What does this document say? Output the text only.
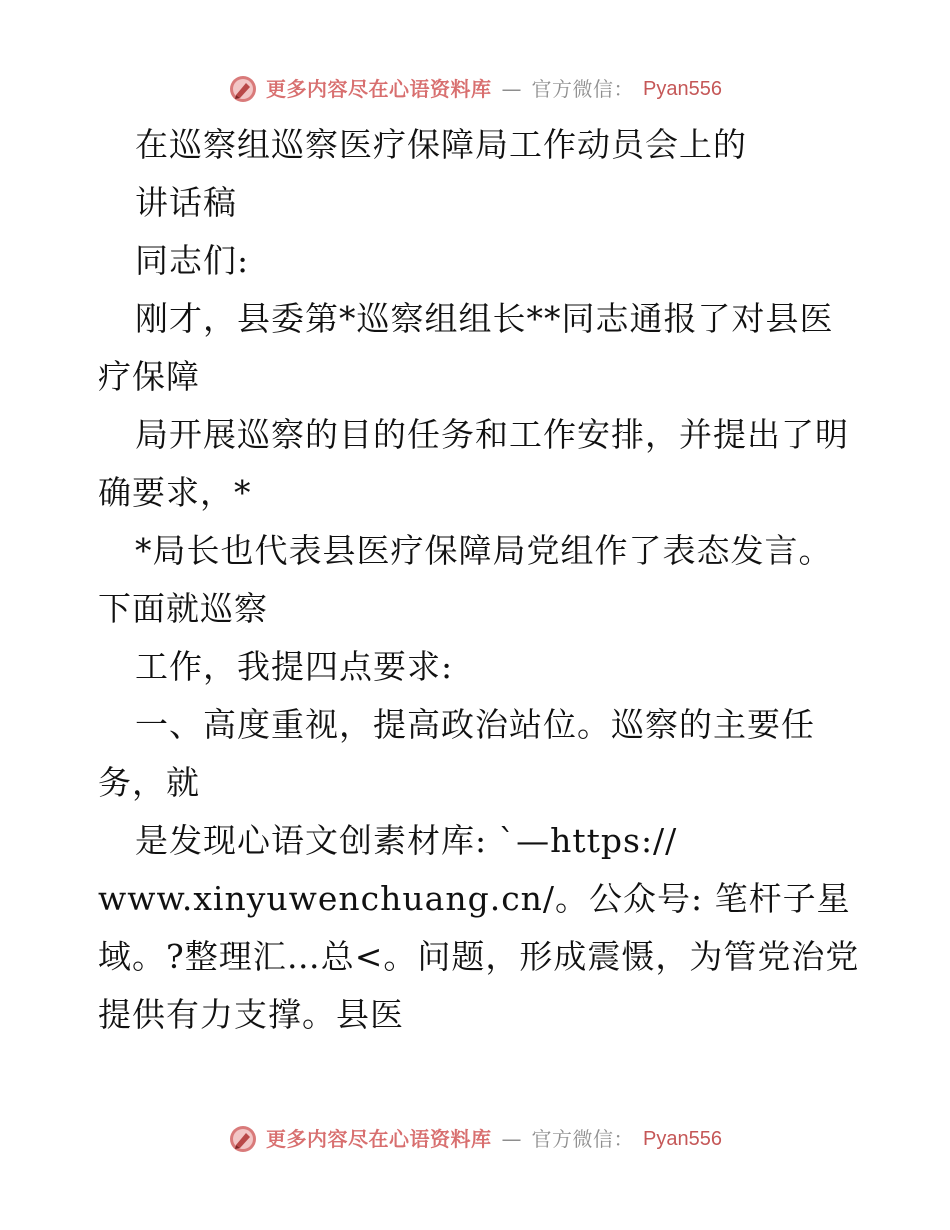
更多内容尽在心语资料库 — 官方微信： Pyan556
在巡察组巡察医疗保障局工作动员会上的
讲话稿
同志们:
刚才，县委第*巡察组组长**同志通报了对县医
疗保障
局开展巡察的目的任务和工作安排，并提出了明
确要求，*
*局长也代表县医疗保障局党组作了表态发言。
下面就巡察
工作，我提四点要求:
一、高度重视，提高政治站位。巡察的主要任
务，就
是发现心语文创素材库: `—https://
www.xinyuwenchuang.cn/。公众号: 笔杆子星
域。?整理汇…总<。问题，形成震慑，为管党治党
提供有力支撑。县医
更多内容尽在心语资料库 — 官方微信： Pyan556
